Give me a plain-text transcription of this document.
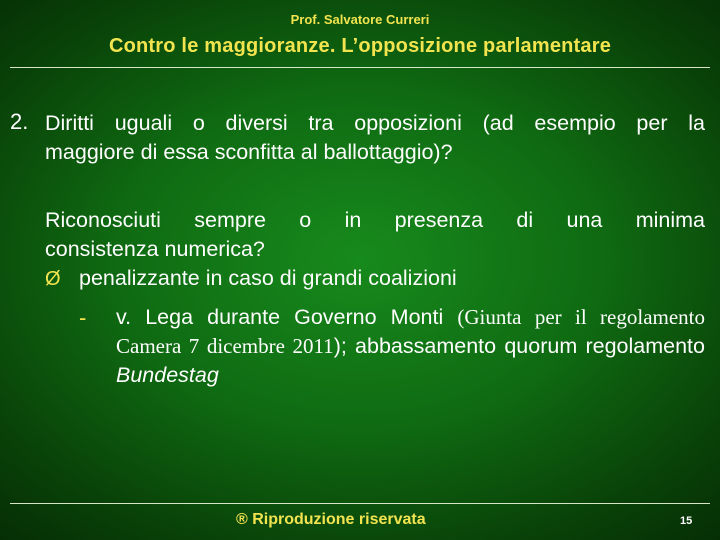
Prof. Salvatore Curreri
Contro le maggioranze. L’opposizione parlamentare
2. Diritti uguali o diversi tra opposizioni (ad esempio per la
maggiore di essa sconfitta al ballottaggio)?
Riconosciuti sempre o in presenza di una minima
consistenza numerica?
Ø penalizzante in caso di grandi coalizioni
- v. Lega durante Governo Monti (Giunta per il regolamento Camera 7 dicembre 2011); abbassamento quorum regolamento Bundestag
® Riproduzione riservata	15
